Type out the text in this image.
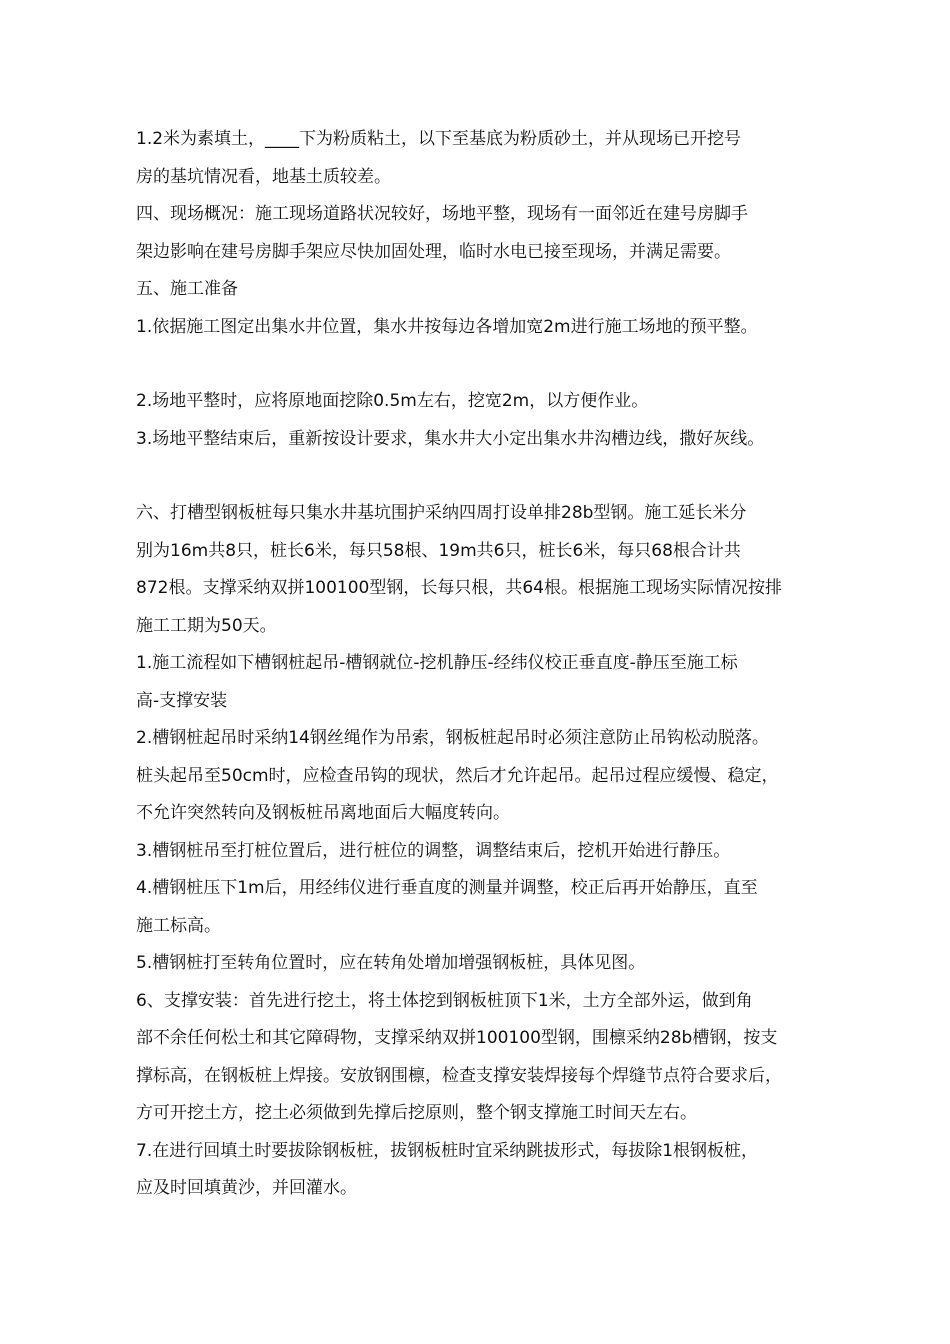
1.2米为素填土，____下为粉质粘土，以下至基底为粉质砂土，并从现场已开挖号
房的基坑情况看，地基土质较差。

四、现场概况：施工现场道路状况较好，场地平整，现场有一面邻近在建号房脚手
架边影响在建号房脚手架应尽快加固处理，临时水电已接至现场，并满足需要。

五、施工准备

1.依据施工图定出集水井位置，集水井按每边各增加宽2m进行施工场地的预平整。

2.场地平整时，应将原地面挖除0.5m左右，挖宽2m，以方便作业。

3.场地平整结束后，重新按设计要求，集水井大小定出集水井沟槽边线，撒好灰线。

六、打槽型钢板桩每只集水井基坑围护采纳四周打设单排28b型钢。施工延长米分
别为16m共8只，桩长6米，每只58根、19m共6只，桩长6米，每只68根合计共
872根。支撑采纳双拼100100型钢，长每只根，共64根。根据施工现场实际情况按排
施工工期为50天。

1.施工流程如下槽钢桩起吊-槽钢就位-挖机静压-经纬仪校正垂直度-静压至施工标
高-支撑安装

2.槽钢桩起吊时采纳14钢丝绳作为吊索，钢板桩起吊时必须注意防止吊钩松动脱落。
桩头起吊至50cm时，应检查吊钩的现状，然后才允许起吊。起吊过程应缓慢、稳定，
不允许突然转向及钢板桩吊离地面后大幅度转向。

3.槽钢桩吊至打桩位置后，进行桩位的调整，调整结束后，挖机开始进行静压。

4.槽钢桩压下1m后，用经纬仪进行垂直度的测量并调整，校正后再开始静压，直至
施工标高。

5.槽钢桩打至转角位置时，应在转角处增加增强钢板桩，具体见图。

6、支撑安装：首先进行挖土，将土体挖到钢板桩顶下1米，土方全部外运，做到角
部不余任何松土和其它障碍物，支撑采纳双拼100100型钢，围檩采纳28b槽钢，按支
撑标高，在钢板桩上焊接。安放钢围檩，检查支撑安装焊接每个焊缝节点符合要求后，
方可开挖土方，挖土必须做到先撑后挖原则，整个钢支撑施工时间天左右。

7.在进行回填土时要拔除钢板桩，拔钢板桩时宜采纳跳拔形式，每拔除1根钢板桩，
应及时回填黄沙，并回灌水。
